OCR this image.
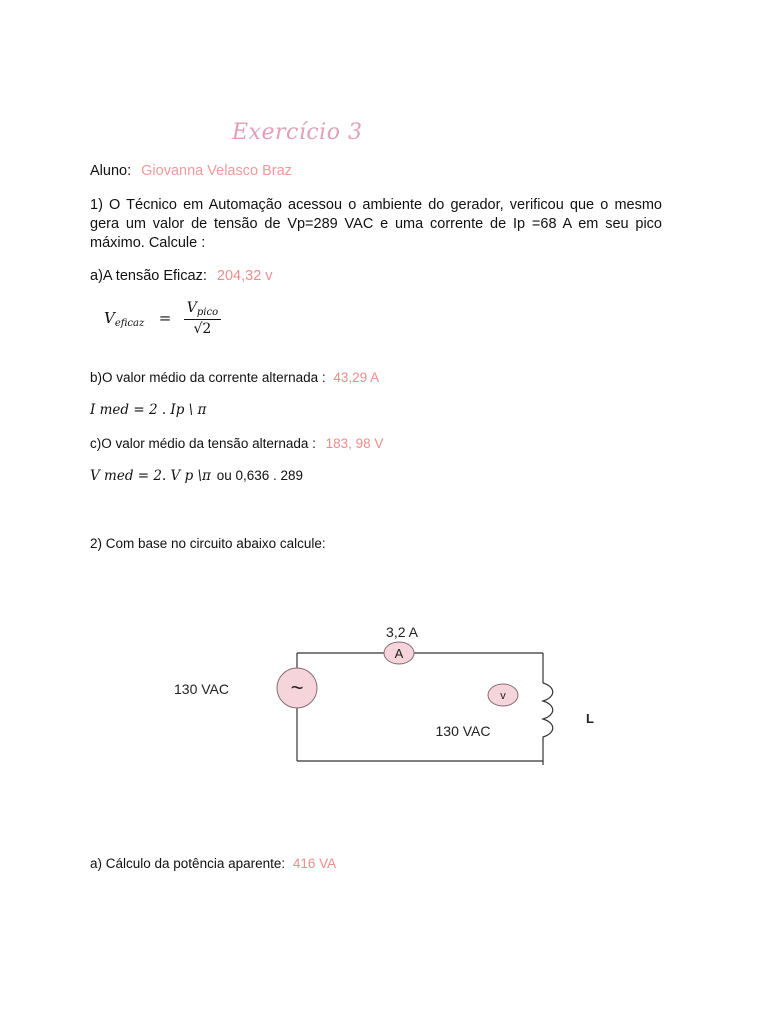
Exercício 3
Aluno: Giovanna Velasco Braz
1) O Técnico em Automação acessou o ambiente do gerador, verificou que o mesmo gera um valor de tensão de Vp=289 VAC e uma corrente de Ip =68 A em seu pico máximo. Calcule :
a)A tensão Eficaz: 204,32 v
$V_{eficaz} = \frac{V_{pico}}{√2}$
b)O valor médio da corrente alternada : 43,29 A
I med = 2 . Ip \ π
c)O valor médio da tensão alternada : 183, 98 V
V med = 2. V p \π ou 0,636 . 289
2) Com base no circuito abaixo calcule:
~
A
3,2 A
v
130 VAC
130 VAC
L
a) Cálculo da potência aparente: 416 VA
